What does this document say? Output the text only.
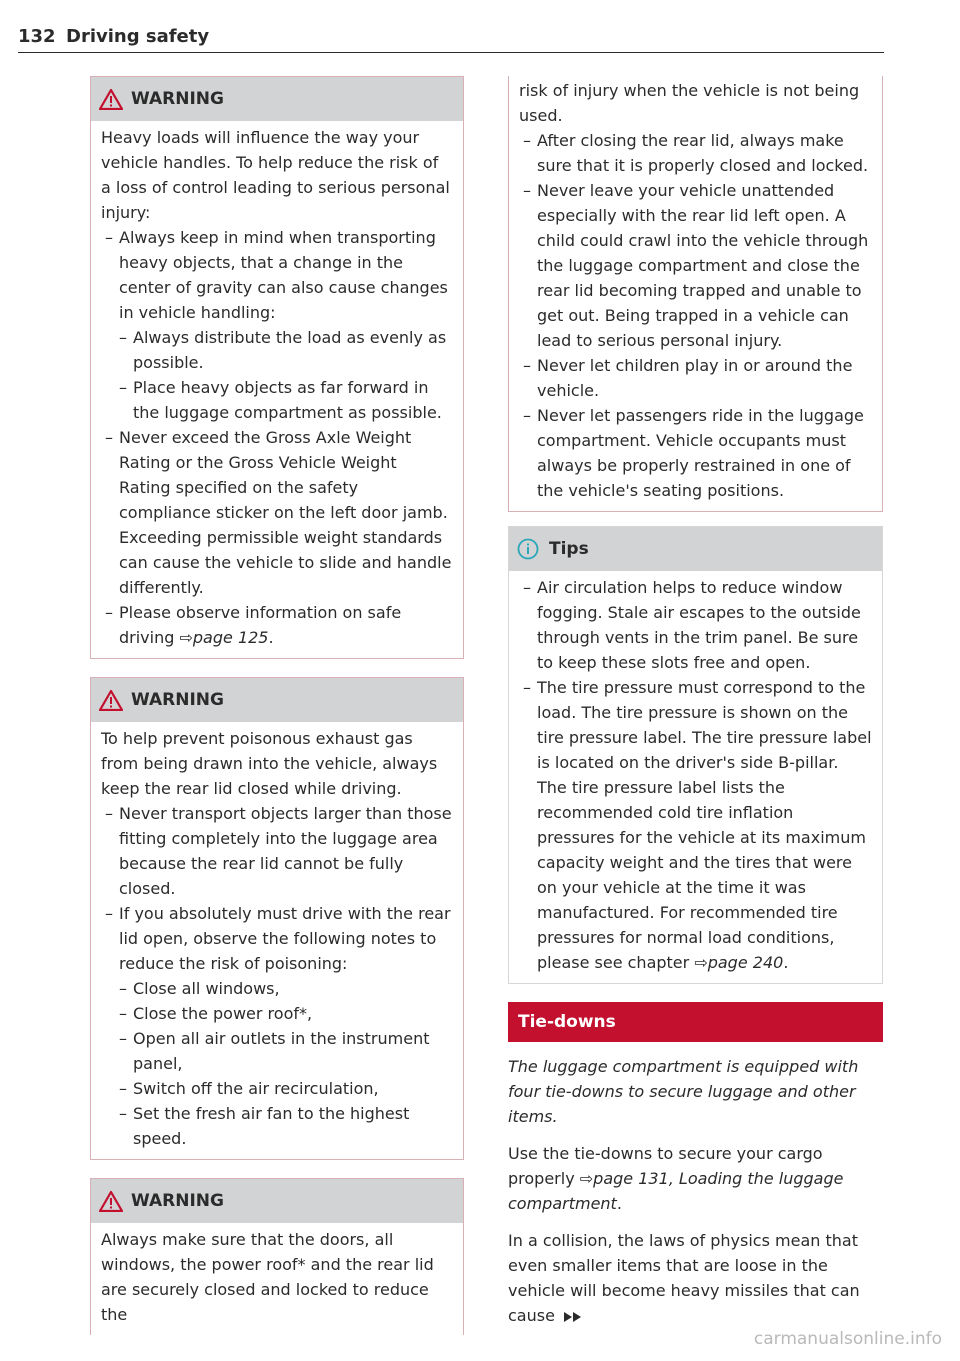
132 Driving safety
WARNING

Heavy loads will influence the way your vehicle handles. To help reduce the risk of a loss of control leading to serious personal injury:

– Always keep in mind when transporting heavy objects, that a change in the center of gravity can also cause changes in vehicle handling:

– Always distribute the load as evenly as possible.

– Place heavy objects as far forward in the luggage compartment as possible.

– Never exceed the Gross Axle Weight Rating or the Gross Vehicle Weight Rating specified on the safety compliance sticker on the left door jamb. Exceeding permissible weight standards can cause the vehicle to slide and handle differently.

– Please observe information on safe driving ⇨page 125.

WARNING

To help prevent poisonous exhaust gas from being drawn into the vehicle, always keep the rear lid closed while driving.

– Never transport objects larger than those fitting completely into the luggage area because the rear lid cannot be fully closed.

– If you absolutely must drive with the rear lid open, observe the following notes to reduce the risk of poisoning:

– Close all windows,

– Close the power roof*,

– Open all air outlets in the instrument panel,

– Switch off the air recirculation,

– Set the fresh air fan to the highest speed.

WARNING

Always make sure that the doors, all windows, the power roof* and the rear lid are securely closed and locked to reduce the

risk of injury when the vehicle is not being used.

– After closing the rear lid, always make sure that it is properly closed and locked.

– Never leave your vehicle unattended especially with the rear lid left open. A child could crawl into the vehicle through the luggage compartment and close the rear lid becoming trapped and unable to get out. Being trapped in a vehicle can lead to serious personal injury.

– Never let children play in or around the vehicle.

– Never let passengers ride in the luggage compartment. Vehicle occupants must always be properly restrained in one of the vehicle's seating positions.

Tips

– Air circulation helps to reduce window fogging. Stale air escapes to the outside through vents in the trim panel. Be sure to keep these slots free and open.

– The tire pressure must correspond to the load. The tire pressure is shown on the tire pressure label. The tire pressure label is located on the driver's side B-pillar. The tire pressure label lists the recommended cold tire inflation pressures for the vehicle at its maximum capacity weight and the tires that were on your vehicle at the time it was manufactured. For recommended tire pressures for normal load conditions, please see chapter ⇨page 240.

Tie-downs

The luggage compartment is equipped with four tie-downs to secure luggage and other items.

Use the tie-downs to secure your cargo properly ⇨page 131, Loading the luggage compartment.

In a collision, the laws of physics mean that even smaller items that are loose in the vehicle will become heavy missiles that can cause

carmanualsonline.info
